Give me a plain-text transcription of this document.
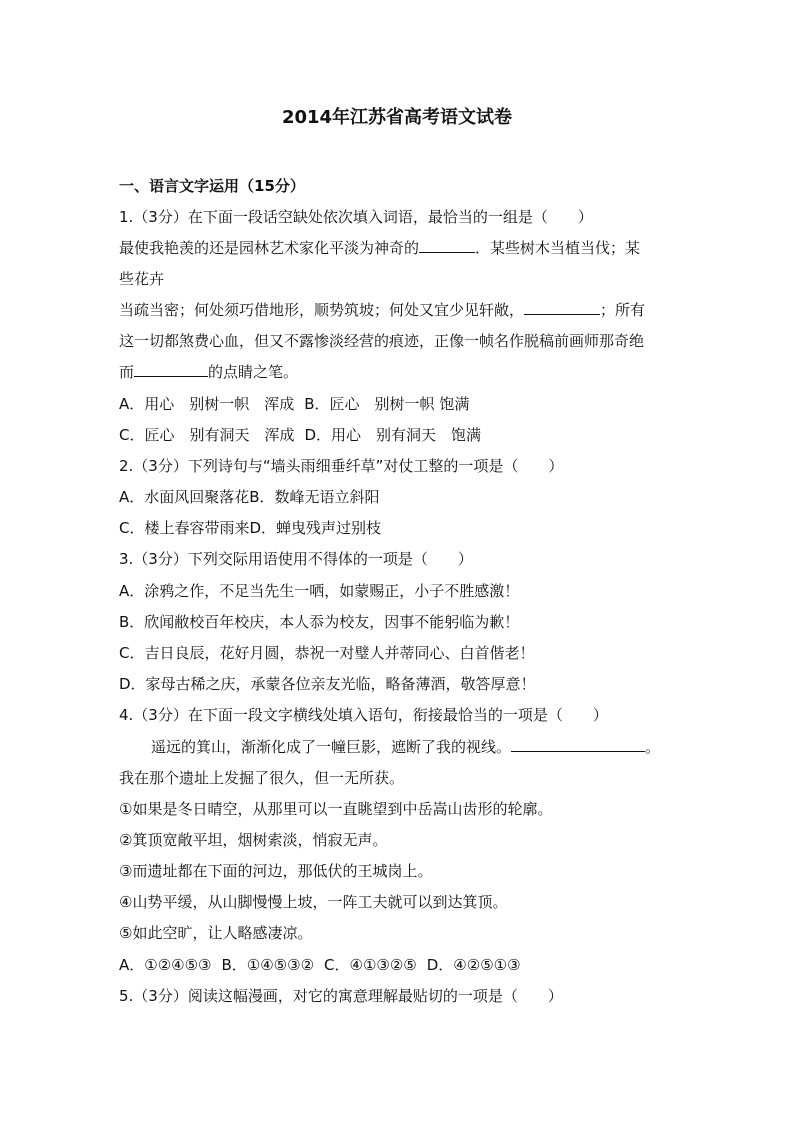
2014年江苏省高考语文试卷
一、语言文字运用（15分）
1.（3分）在下面一段话空缺处依次填入词语，最恰当的一组是（　　）
最使我艳羡的还是园林艺术家化平淡为神奇的	．某些树木当植当伐；某
些花卉
当疏当密；何处须巧借地形，顺势筑坡；何处又宜少见轩敞，	；所有
这一切都煞费心血，但又不露惨淡经营的痕迹，正像一帧名作脱稿前画师那奇绝
而	的点睛之笔。
A．用心　别树一帜　浑成 B．匠心　别树一帜 饱满
C．匠心　别有洞天　浑成 D．用心　别有洞天　饱满
2.（3分）下列诗句与“墙头雨细垂纤草”对仗工整的一项是（　　）
A．水面风回聚落花B．数峰无语立斜阳
C．楼上春容带雨来D．蝉曳残声过别枝
3.（3分）下列交际用语使用不得体的一项是（　　）
A．涂鸦之作，不足当先生一哂，如蒙赐正，小子不胜感激！
B．欣闻敝校百年校庆，本人忝为校友，因事不能躬临为歉！
C．吉日良辰，花好月圆，恭祝一对璧人并蒂同心、白首偕老！
D．家母古稀之庆，承蒙各位亲友光临，略备薄酒，敬答厚意！
4.（3分）在下面一段文字横线处填入语句，衔接最恰当的一项是（　　）
遥远的箕山，渐渐化成了一幢巨影，遮断了我的视线。	。
我在那个遗址上发掘了很久，但一无所获。
①如果是冬日晴空，从那里可以一直眺望到中岳嵩山齿形的轮廓。
②箕顶宽敞平坦，烟树索淡，悄寂无声。
③而遗址都在下面的河边，那低伏的王城岗上。
④山势平缓，从山脚慢慢上坡，一阵工夫就可以到达箕顶。
⑤如此空旷，让人略感凄凉。
A．①②④⑤③ B．①④⑤③② C．④①③②⑤ D．④②⑤①③
5.（3分）阅读这幅漫画，对它的寓意理解最贴切的一项是（　　）
